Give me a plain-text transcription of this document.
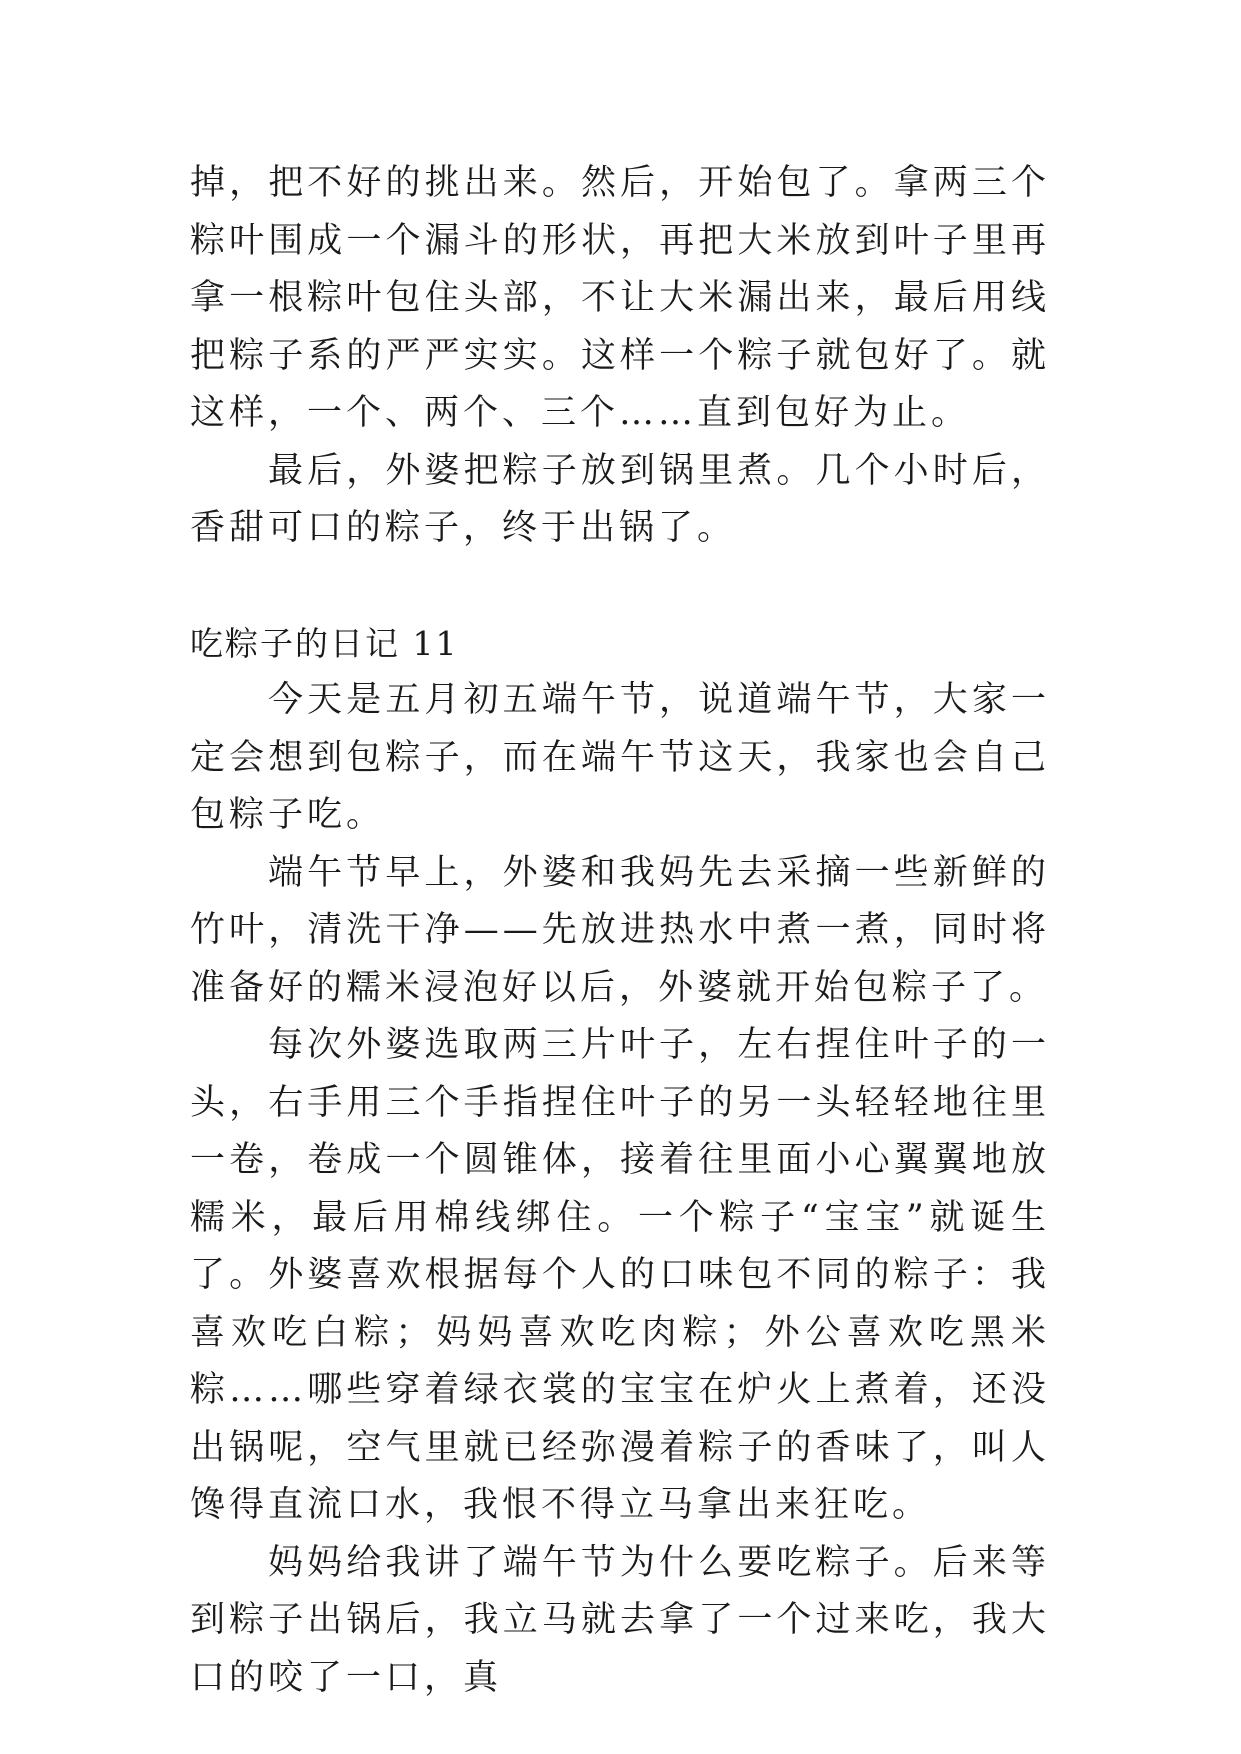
掉，把不好的挑出来。然后，开始包了。拿两三个粽叶围成一个漏斗的形状，再把大米放到叶子里再拿一根粽叶包住头部，不让大米漏出来，最后用线把粽子系的严严实实。这样一个粽子就包好了。就这样，一个、两个、三个……直到包好为止。

最后，外婆把粽子放到锅里煮。几个小时后，香甜可口的粽子，终于出锅了。

吃粽子的日记 11

今天是五月初五端午节，说道端午节，大家一定会想到包粽子，而在端午节这天，我家也会自己包粽子吃。

端午节早上，外婆和我妈先去采摘一些新鲜的竹叶，清洗干净——先放进热水中煮一煮，同时将准备好的糯米浸泡好以后，外婆就开始包粽子了。

每次外婆选取两三片叶子，左右捏住叶子的一头，右手用三个手指捏住叶子的另一头轻轻地往里一卷，卷成一个圆锥体，接着往里面小心翼翼地放糯米，最后用棉线绑住。一个粽子“宝宝”就诞生了。外婆喜欢根据每个人的口味包不同的粽子：我喜欢吃白粽；妈妈喜欢吃肉粽；外公喜欢吃黑米粽……哪些穿着绿衣裳的宝宝在炉火上煮着，还没出锅呢，空气里就已经弥漫着粽子的香味了，叫人馋得直流口水，我恨不得立马拿出来狂吃。

妈妈给我讲了端午节为什么要吃粽子。后来等到粽子出锅后，我立马就去拿了一个过来吃，我大口的咬了一口，真
